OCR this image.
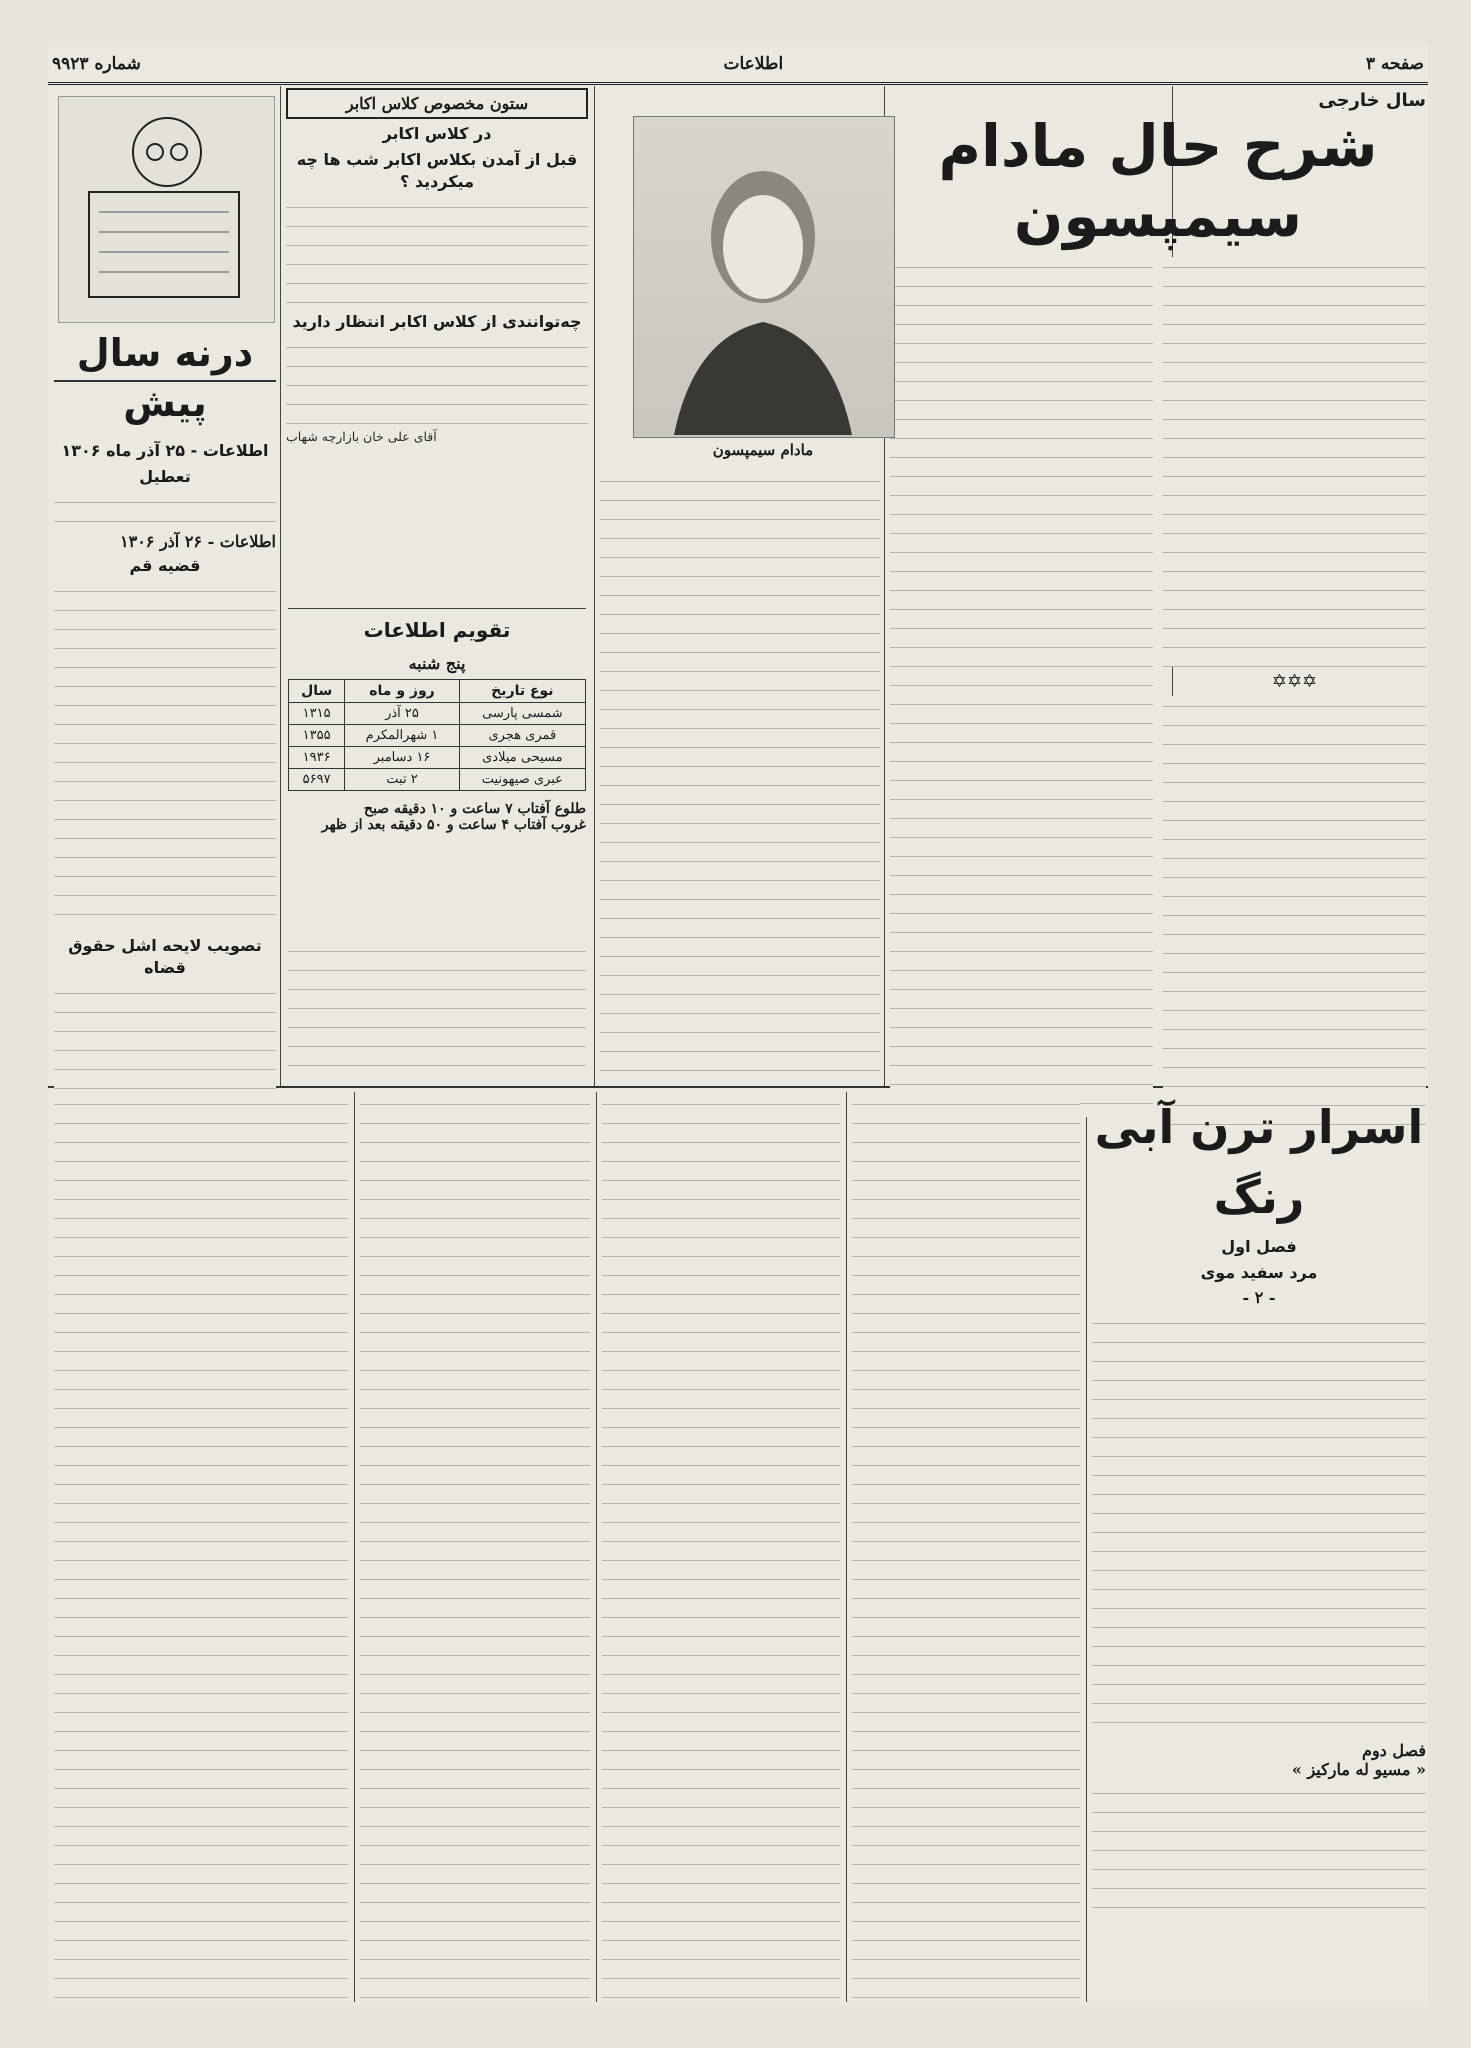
شماره ۹۹۲۳	اطلاعات	صفحه ۳
سال خارجی
شرح حال مادام سیمپسون
✡✡✡
مادام سیمپسون
ستون مخصوص کلاس اکابر
در کلاس اکابر
قبل از آمدن بکلاس اکابر شب ها چه میکردید ؟
چه‌توانندی از کلاس اکابر انتظار دارید
آقای علی خان بازارچه شهاب
تقویم اطلاعات
پنج شنبه
نوع تاریخ	روز و ماه	سال
شمسی پارسی	۲۵ آذر	۱۳۱۵
قمری هجری	۱ شهرالمکرم	۱۳۵۵
مسیحی میلادی	۱۶ دسامبر	۱۹۳۶
عبری صیهونیت	۲ تبت	۵۶۹۷
طلوع آفتاب ۷ ساعت و ۱۰ دقیقه صبح
غروب آفتاب ۴ ساعت و ۵۰ دقیقه بعد از ظهر
درنه سال پیش
اطلاعات - ۲۵ آذر ماه ۱۳۰۶
تعطیل
اطلاعات - ۲۶ آذر ۱۳۰۶
قضیه قم
تصویب لایحه اشل حقوق قضاه
اسرار ترن آبی رنگ
فصل اول
مرد سفید موی
- ۲ -
فصل دوم
« مسیو له مارکیز »
